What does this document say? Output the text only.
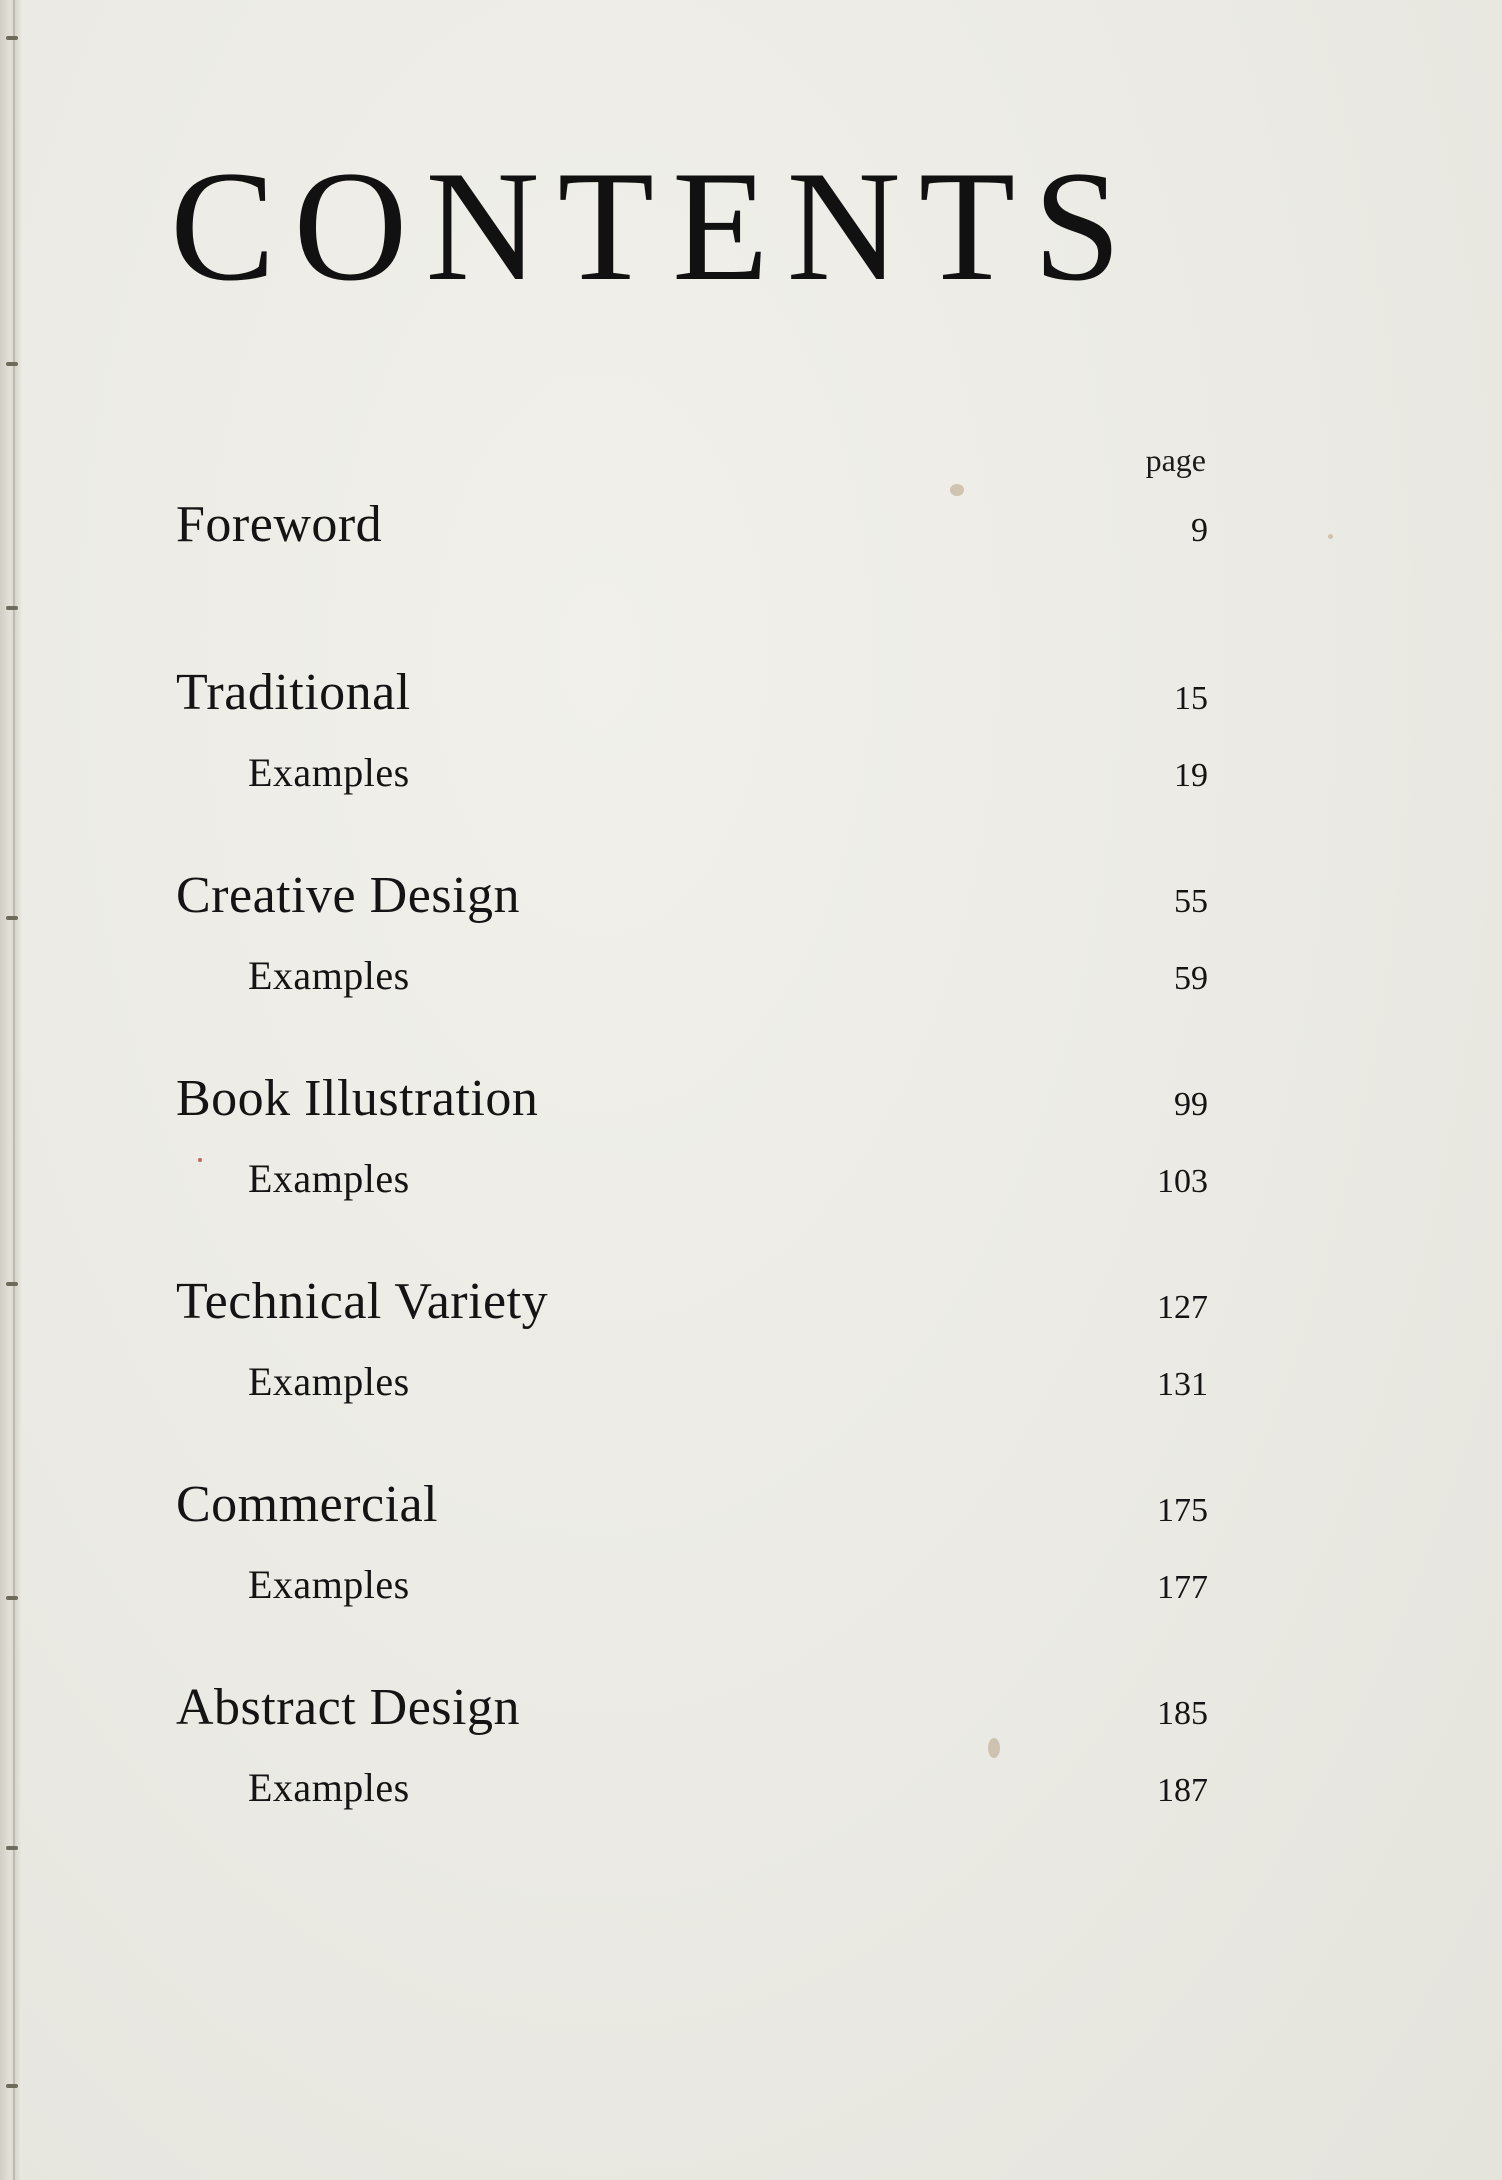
CONTENTS
page
Foreword	9
Traditional	15
Examples	19
Creative Design	55
Examples	59
Book Illustration	99
Examples	103
Technical Variety	127
Examples	131
Commercial	175
Examples	177
Abstract Design	185
Examples	187
